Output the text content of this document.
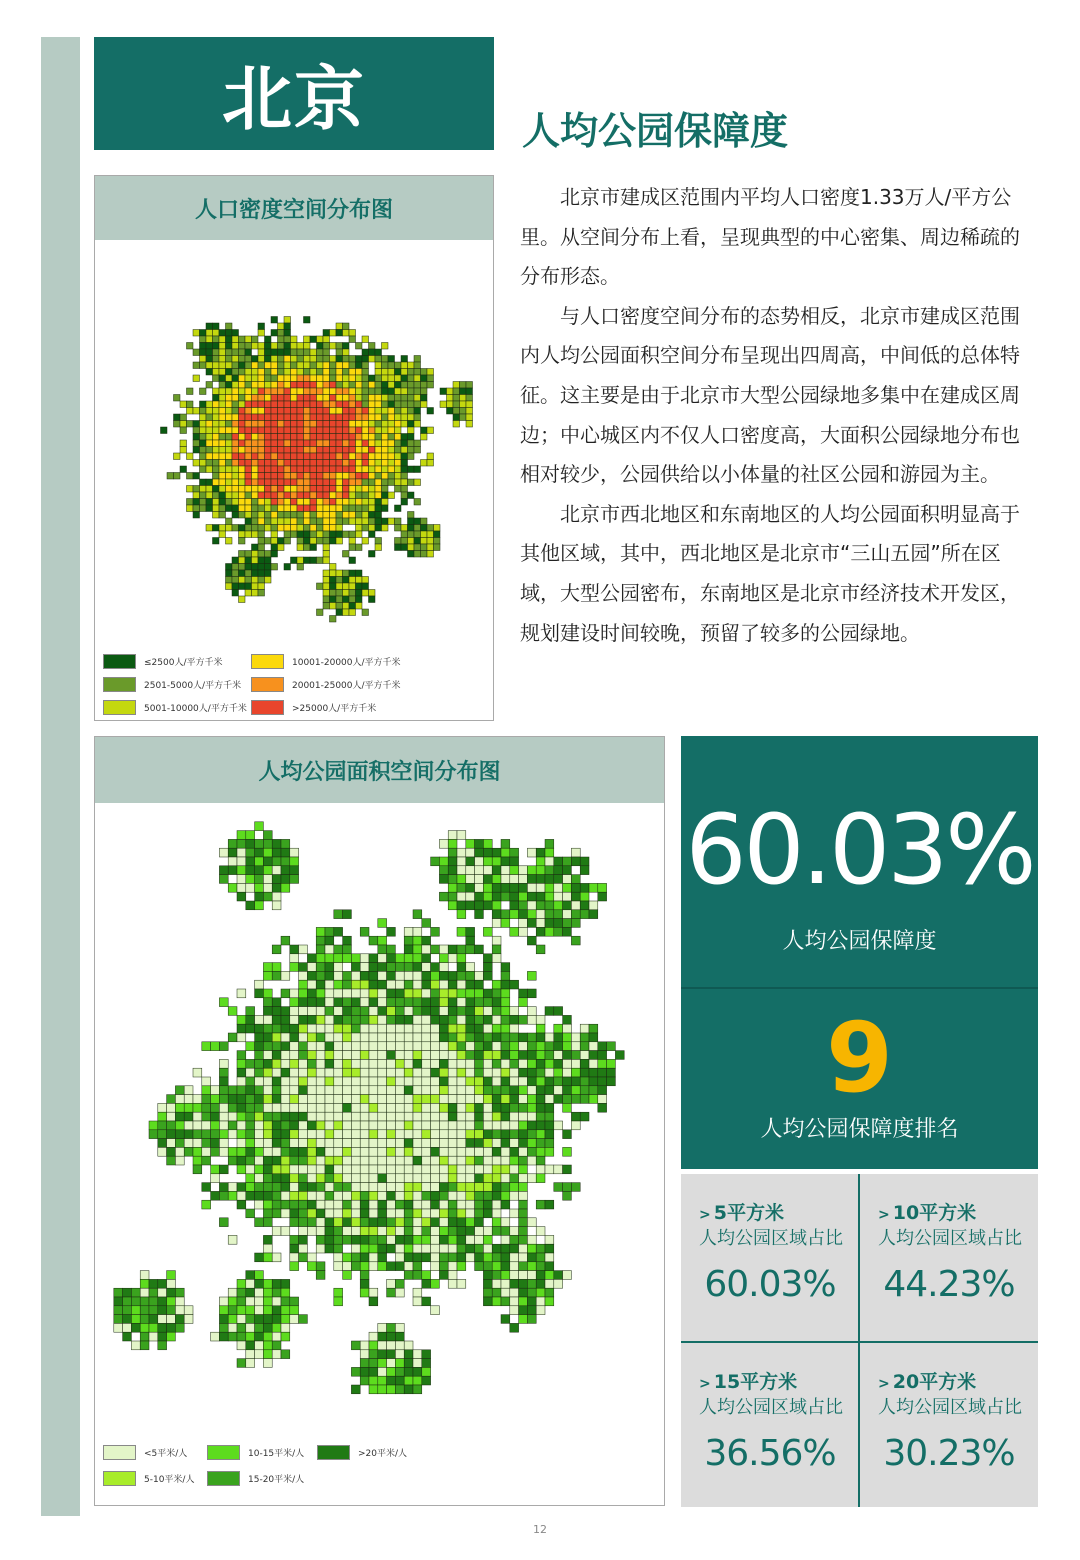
北京	人均公园保障度

北京市建成区范围内平均人口密度1.33万人/平方公里。从空间分布上看，呈现典型的中心密集、周边稀疏的分布形态。

与人口密度空间分布的态势相反，北京市建成区范围内人均公园面积空间分布呈现出四周高，中间低的总体特征。这主要是由于北京市大型公园绿地多集中在建成区周边；中心城区内不仅人口密度高，大面积公园绿地分布也相对较少，公园供给以小体量的社区公园和游园为主。

北京市西北地区和东南地区的人均公园面积明显高于其他区域，其中，西北地区是北京市“三山五园”所在区域，大型公园密布，东南地区是北京市经济技术开发区，规划建设时间较晚，预留了较多的公园绿地。

人口密度空间分布图
≤2500人/平方千米
2501-5000人/平方千米
5001-10000人/平方千米
10001-20000人/平方千米
20001-25000人/平方千米
>25000人/平方千米
人均公园面积空间分布图
<5平米/人
5-10平米/人
10-15平米/人
15-20平米/人
>20平米/人
60.03%
人均公园保障度
9
人均公园保障度排名
> 5平方米
人均公园区域占比
60.03%
> 10平方米
人均公园区域占比
44.23%
> 15平方米
人均公园区域占比
36.56%
> 20平方米
人均公园区域占比
30.23%
12
